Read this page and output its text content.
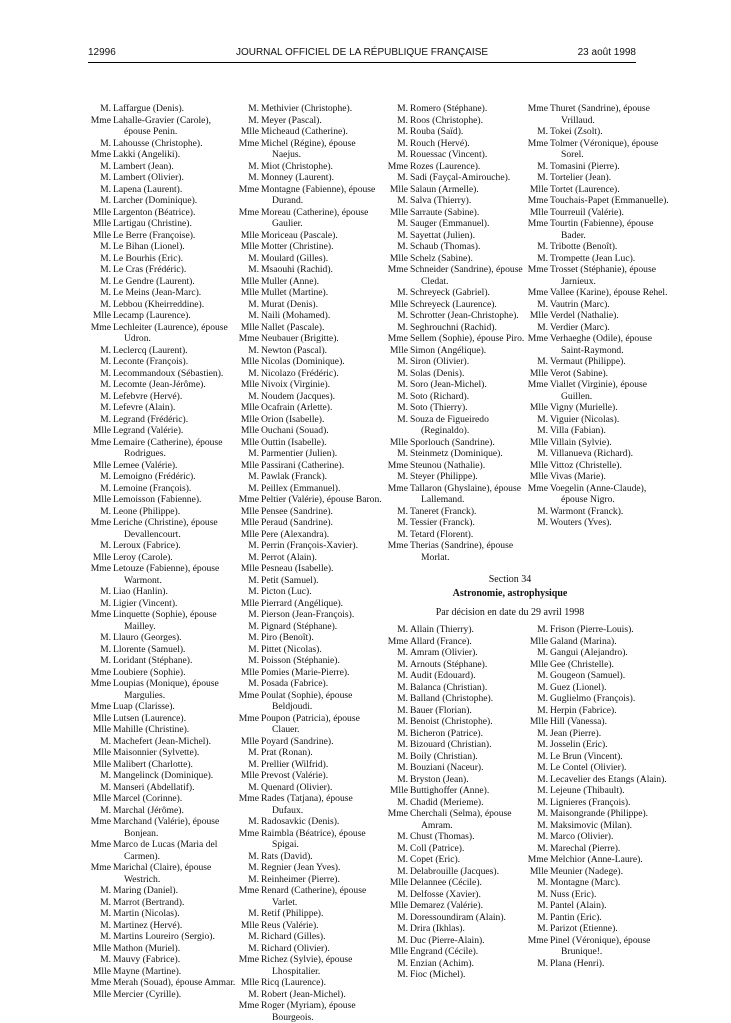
12996	JOURNAL OFFICIEL DE LA RÉPUBLIQUE FRANÇAISE	23 août 1998
M. Laffargue (Denis).
Mme Lahalle-Gravier (Carole), épouse Penin.
M. Lahousse (Christophe).
Mme Lakki (Angeliki).
M. Lambert (Jean).
M. Lambert (Olivier).
M. Lapena (Laurent).
M. Larcher (Dominique).
Mlle Largenton (Béatrice).
Mlle Lartigau (Christine).
Mlle Le Berre (Françoise).
M. Le Bihan (Lionel).
M. Le Bourhis (Eric).
M. Le Cras (Frédéric).
M. Le Gendre (Laurent).
M. Le Meins (Jean-Marc).
M. Lebbou (Kheirreddine).
Mlle Lecamp (Laurence).
Mme Lechleiter (Laurence), épouse Udron.
M. Leclercq (Laurent).
M. Leconte (François).
M. Lecommandoux (Sébastien).
M. Lecomte (Jean-Jérôme).
M. Lefebvre (Hervé).
M. Lefevre (Alain).
M. Legrand (Frédéric).
Mlle Legrand (Valérie).
Mme Lemaire (Catherine), épouse Rodrigues.
Mlle Lemee (Valérie).
M. Lemoigno (Frédéric).
M. Lemoine (François).
Mlle Lemoisson (Fabienne).
M. Leone (Philippe).
Mme Leriche (Christine), épouse Devallencourt.
M. Leroux (Fabrice).
Mlle Leroy (Carole).
Mme Letouze (Fabienne), épouse Warmont.
M. Liao (Hanlin).
M. Ligier (Vincent).
Mme Linquette (Sophie), épouse Mailley.
M. Llauro (Georges).
M. Llorente (Samuel).
M. Loridant (Stéphane).
Mme Loubiere (Sophie).
Mme Loupias (Monique), épouse Margulies.
Mme Luap (Clarisse).
Mlle Lutsen (Laurence).
Mlle Mahille (Christine).
M. Machefert (Jean-Michel).
Mlle Maisonnier (Sylvette).
Mlle Malibert (Charlotte).
M. Mangelinck (Dominique).
M. Manseri (Abdellatif).
Mlle Marcel (Corinne).
M. Marchal (Jérôme).
Mme Marchand (Valérie), épouse Bonjean.
Mme Marco de Lucas (Maria del Carmen).
Mme Marichal (Claire), épouse Westrich.
M. Maring (Daniel).
M. Marrot (Bertrand).
M. Martin (Nicolas).
M. Martinez (Hervé).
M. Martins Loureiro (Sergio).
Mlle Mathon (Muriel).
M. Mauvy (Fabrice).
Mlle Mayne (Martine).
Mme Merah (Souad), épouse Ammar.
Mlle Mercier (Cyrille).
M. Methivier (Christophe).
M. Meyer (Pascal).
Mlle Micheaud (Catherine).
Mme Michel (Régine), épouse Naejus.
M. Miot (Christophe).
M. Monney (Laurent).
Mme Montagne (Fabienne), épouse Durand.
Mme Moreau (Catherine), épouse Gaulier.
Mlle Moriceau (Pascale).
Mlle Motter (Christine).
M. Moulard (Gilles).
M. Msaouhi (Rachid).
Mlle Muller (Anne).
Mlle Mullet (Martine).
M. Murat (Denis).
M. Naili (Mohamed).
Mlle Nallet (Pascale).
Mme Neubauer (Brigitte).
M. Newton (Pascal).
Mlle Nicolas (Dominique).
M. Nicolazo (Frédéric).
Mlle Nivoix (Virginie).
M. Noudem (Jacques).
Mlle Ocafrain (Arlette).
Mlle Orion (Isabelle).
Mlle Ouchani (Souad).
Mlle Outtin (Isabelle).
M. Parmentier (Julien).
Mlle Passirani (Catherine).
M. Pawlak (Franck).
M. Peillex (Emmanuel).
Mme Peltier (Valérie), épouse Baron.
Mlle Pensee (Sandrine).
Mlle Peraud (Sandrine).
Mlle Pere (Alexandra).
M. Perrin (François-Xavier).
M. Perrot (Alain).
Mlle Pesneau (Isabelle).
M. Petit (Samuel).
M. Picton (Luc).
Mlle Pierrard (Angélique).
M. Pierson (Jean-François).
M. Pignard (Stéphane).
M. Piro (Benoît).
M. Pittet (Nicolas).
M. Poisson (Stéphanie).
Mlle Pomies (Marie-Pierre).
M. Posada (Fabrice).
Mme Poulat (Sophie), épouse Beldjoudi.
Mme Poupon (Patricia), épouse Clauer.
Mlle Poyard (Sandrine).
M. Prat (Ronan).
M. Prellier (Wilfrid).
Mlle Prevost (Valérie).
M. Quenard (Olivier).
Mme Rades (Tatjana), épouse Dufaux.
M. Radosavkic (Denis).
Mme Raimbla (Béatrice), épouse Spigai.
M. Rats (David).
M. Regnier (Jean Yves).
M. Reinheimer (Pierre).
Mme Renard (Catherine), épouse Varlet.
M. Retif (Philippe).
Mlle Reus (Valérie).
M. Richard (Gilles).
M. Richard (Olivier).
Mme Richez (Sylvie), épouse Lhospitalier.
Mlle Ricq (Laurence).
M. Robert (Jean-Michel).
Mme Roger (Myriam), épouse Bourgeois.
M. Romero (Stéphane).
M. Roos (Christophe).
M. Rouba (Saïd).
M. Rouch (Hervé).
M. Rouessac (Vincent).
Mme Rozes (Laurence).
M. Sadi (Fayçal-Amirouche).
Mlle Salaun (Armelle).
M. Salva (Thierry).
Mlle Sarraute (Sabine).
M. Sauger (Emmanuel).
M. Sayettat (Julien).
M. Schaub (Thomas).
Mlle Schelz (Sabine).
Mme Schneider (Sandrine), épouse Cledat.
M. Schreyeck (Gabriel).
Mlle Schreyeck (Laurence).
M. Schrotter (Jean-Christophe).
M. Seghrouchni (Rachid).
Mme Sellem (Sophie), épouse Piro.
Mlle Simon (Angélique).
M. Siron (Olivier).
M. Solas (Denis).
M. Soro (Jean-Michel).
M. Soto (Richard).
M. Soto (Thierry).
M. Souza de Figueiredo (Reginaldo).
Mlle Sporlouch (Sandrine).
M. Steinmetz (Dominique).
Mme Steunou (Nathalie).
M. Steyer (Philippe).
Mme Tallaron (Ghyslaine), épouse Lallemand.
M. Taneret (Franck).
M. Tessier (Franck).
M. Tetard (Florent).
Mme Therias (Sandrine), épouse Morlat.
Mme Thuret (Sandrine), épouse Vrillaud.
M. Tokei (Zsolt).
Mme Tolmer (Véronique), épouse Sorel.
M. Tomasini (Pierre).
M. Tortelier (Jean).
Mlle Tortet (Laurence).
Mme Touchais-Papet (Emmanuelle).
Mlle Tourreuil (Valérie).
Mme Tourtin (Fabienne), épouse Bader.
M. Tribotte (Benoît).
M. Trompette (Jean Luc).
Mme Trosset (Stéphanie), épouse Jarnieux.
Mme Vallee (Karine), épouse Rehel.
M. Vautrin (Marc).
Mlle Verdel (Nathalie).
M. Verdier (Marc).
Mme Verhaeghe (Odile), épouse Saint-Raymond.
M. Vermaut (Philippe).
Mlle Verot (Sabine).
Mme Viallet (Virginie), épouse Guillen.
Mlle Vigny (Murielle).
M. Viguier (Nicolas).
M. Villa (Fabian).
Mlle Villain (Sylvie).
M. Villanueva (Richard).
Mlle Vittoz (Christelle).
Mlle Vivas (Marie).
Mme Voegelin (Anne-Claude), épouse Nigro.
M. Warmont (Franck).
M. Wouters (Yves).
Section 34
Astronomie, astrophysique
Par décision en date du 29 avril 1998
M. Allain (Thierry).
Mme Allard (France).
M. Amram (Olivier).
M. Arnouts (Stéphane).
M. Audit (Edouard).
M. Balanca (Christian).
M. Balland (Christophe).
M. Bauer (Florian).
M. Benoist (Christophe).
M. Bicheron (Patrice).
M. Bizouard (Christian).
M. Boily (Christian).
M. Bouziani (Naceur).
M. Bryston (Jean).
Mlle Buttighoffer (Anne).
M. Chadid (Merieme).
Mme Cherchali (Selma), épouse Amram.
M. Chust (Thomas).
M. Coll (Patrice).
M. Copet (Eric).
M. Delabrouille (Jacques).
Mlle Delannee (Cécile).
M. Delfosse (Xavier).
Mlle Demarez (Valérie).
M. Doressoundiram (Alain).
M. Drira (Ikhlas).
M. Duc (Pierre-Alain).
Mlle Engrand (Cécile).
M. Enzian (Achim).
M. Fioc (Michel).
M. Frison (Pierre-Louis).
Mlle Galand (Marina).
M. Gangui (Alejandro).
Mlle Gee (Christelle).
M. Gougeon (Samuel).
M. Guez (Lionel).
M. Guglielmo (François).
M. Herpin (Fabrice).
Mlle Hill (Vanessa).
M. Jean (Pierre).
M. Josselin (Eric).
M. Le Brun (Vincent).
M. Le Contel (Olivier).
M. Lecavelier des Etangs (Alain).
M. Lejeune (Thibault).
M. Lignieres (François).
M. Maisongrande (Philippe).
M. Maksimovic (Milan).
M. Marco (Olivier).
M. Marechal (Pierre).
Mme Melchior (Anne-Laure).
Mlle Meunier (Nadege).
M. Montagne (Marc).
M. Nuss (Eric).
M. Pantel (Alain).
M. Pantin (Eric).
M. Parizot (Etienne).
Mme Pinel (Véronique), épouse Brunique!.
M. Plana (Henri).
